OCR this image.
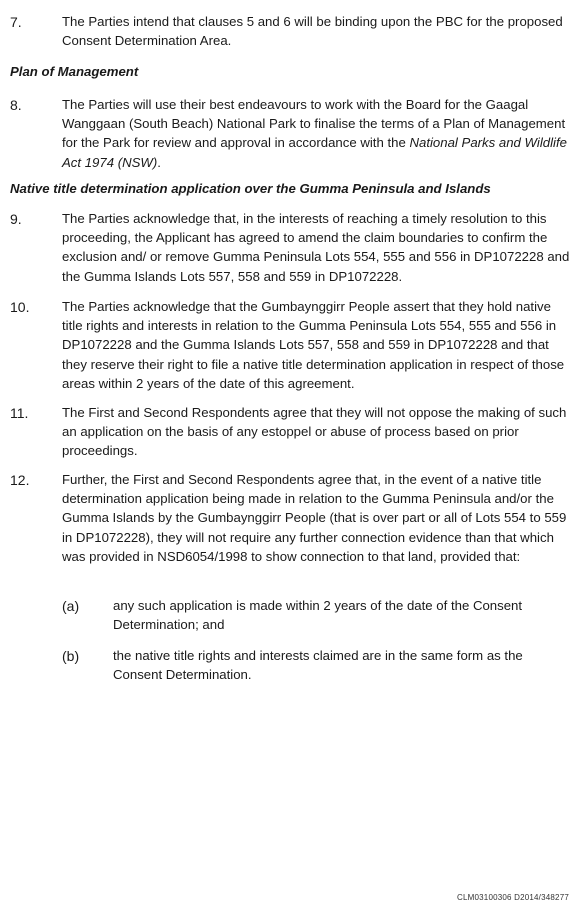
7.	The Parties intend that clauses 5 and 6 will be binding upon the PBC for the proposed Consent Determination Area.

Plan of Management
8.	The Parties will use their best endeavours to work with the Board for the Gaagal Wanggaan (South Beach) National Park to finalise the terms of a Plan of Management for the Park for review and approval in accordance with the National Parks and Wildlife Act 1974 (NSW).

Native title determination application over the Gumma Peninsula and Islands
9.	The Parties acknowledge that, in the interests of reaching a timely resolution to this proceeding, the Applicant has agreed to amend the claim boundaries to confirm the exclusion and/ or remove Gumma Peninsula Lots 554, 555 and 556 in DP1072228 and the Gumma Islands Lots 557, 558 and 559 in DP1072228.

10. The Parties acknowledge that the Gumbaynggirr People assert that they hold native title rights and interests in relation to the Gumma Peninsula Lots 554, 555 and 556 in DP1072228 and the Gumma Islands Lots 557, 558 and 559 in DP1072228 and that they reserve their right to file a native title determination application in respect of those areas within 2 years of the date of this agreement.

11.	The First and Second Respondents agree that they will not oppose the making of such an application on the basis of any estoppel or abuse of process based on prior proceedings.

12. Further, the First and Second Respondents agree that, in the event of a native title determination application being made in relation to the Gumma Peninsula and/or the Gumma Islands by the Gumbaynggirr People (that is over part or all of Lots 554 to 559 in DP1072228), they will not require any further connection evidence than that which was provided in NSD6054/1998 to show connection to that land, provided that:

(a)	any such application is made within 2 years of the date of the Consent Determination; and

(b)	the native title rights and interests claimed are in the same form as the Consent Determination.

CLM03100306 D2014/348277
